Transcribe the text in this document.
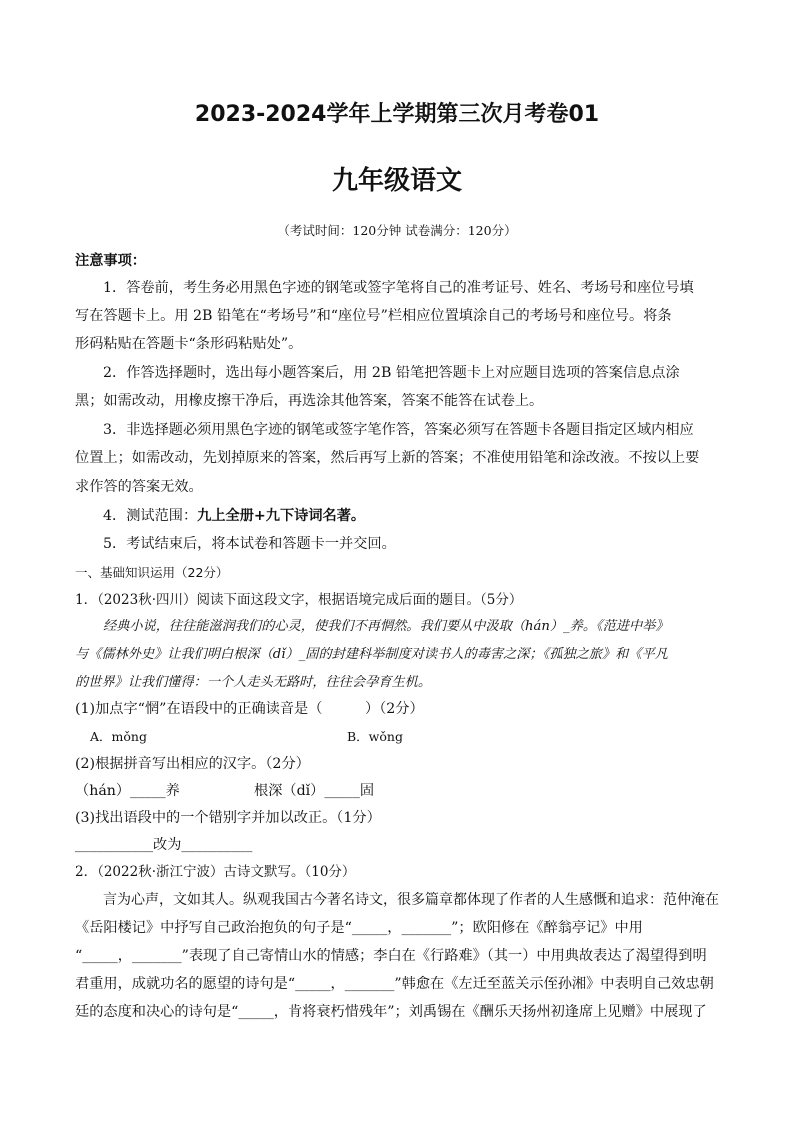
2023-2024学年上学期第三次月考卷01
九年级语文
（考试时间：120分钟 试卷满分：120分）
注意事项：
1．答卷前，考生务必用黑色字迹的钢笔或签字笔将自己的准考证号、姓名、考场号和座位号填
写在答题卡上。用 2B 铅笔在“考场号”和“座位号”栏相应位置填涂自己的考场号和座位号。将条
形码粘贴在答题卡“条形码粘贴处”。
2．作答选择题时，选出每小题答案后，用 2B 铅笔把答题卡上对应题目选项的答案信息点涂
黑；如需改动，用橡皮擦干净后，再选涂其他答案，答案不能答在试卷上。
3．非选择题必须用黑色字迹的钢笔或签字笔作答，答案必须写在答题卡各题目指定区域内相应
位置上；如需改动，先划掉原来的答案，然后再写上新的答案；不准使用铅笔和涂改液。不按以上要
求作答的答案无效。
4．测试范围：九上全册+九下诗词名著。
5．考试结束后，将本试卷和答题卡一并交回。
一、基础知识运用（22分）
1．（2023秋·四川）阅读下面这段文字，根据语境完成后面的题目。（5分）
经典小说，往往能滋润我们的心灵，使我们不再惘然。我们要从中汲取（hán）_养。《范进中举》
与《儒林外史》让我们明白根深（dǐ）_固的封建科举制度对读书人的毒害之深；《孤独之旅》和《平凡
的世界》让我们懂得：一个人走头无路时，往往会孕育生机。
(1)加点字“惘”在语段中的正确读音是（　　　）（2分）
A．mǒng	B．wǒng
(2)根据拼音写出相应的汉字。（2分）
（hán）_____养	根深（dǐ）_____固
(3)找出语段中的一个错别字并加以改正。（1分）
___________改为__________
2．（2022秋·浙江宁波）古诗文默写。（10分）
言为心声，文如其人。纵观我国古今著名诗文，很多篇章都体现了作者的人生感慨和追求：范仲淹在
《岳阳楼记》中抒写自己政治抱负的句子是“_____，_______”；欧阳修在《醉翁亭记》中用
“_____，_______”表现了自己寄情山水的情感；李白在《行路难》（其一）中用典故表达了渴望得到明
君重用，成就功名的愿望的诗句是“_____，_______”韩愈在《左迁至蓝关示侄孙湘》中表明自己效忠朝
廷的态度和决心的诗句是“_____，肯将衰朽惜残年”；刘禹锡在《酬乐天扬州初逢席上见赠》中展现了
